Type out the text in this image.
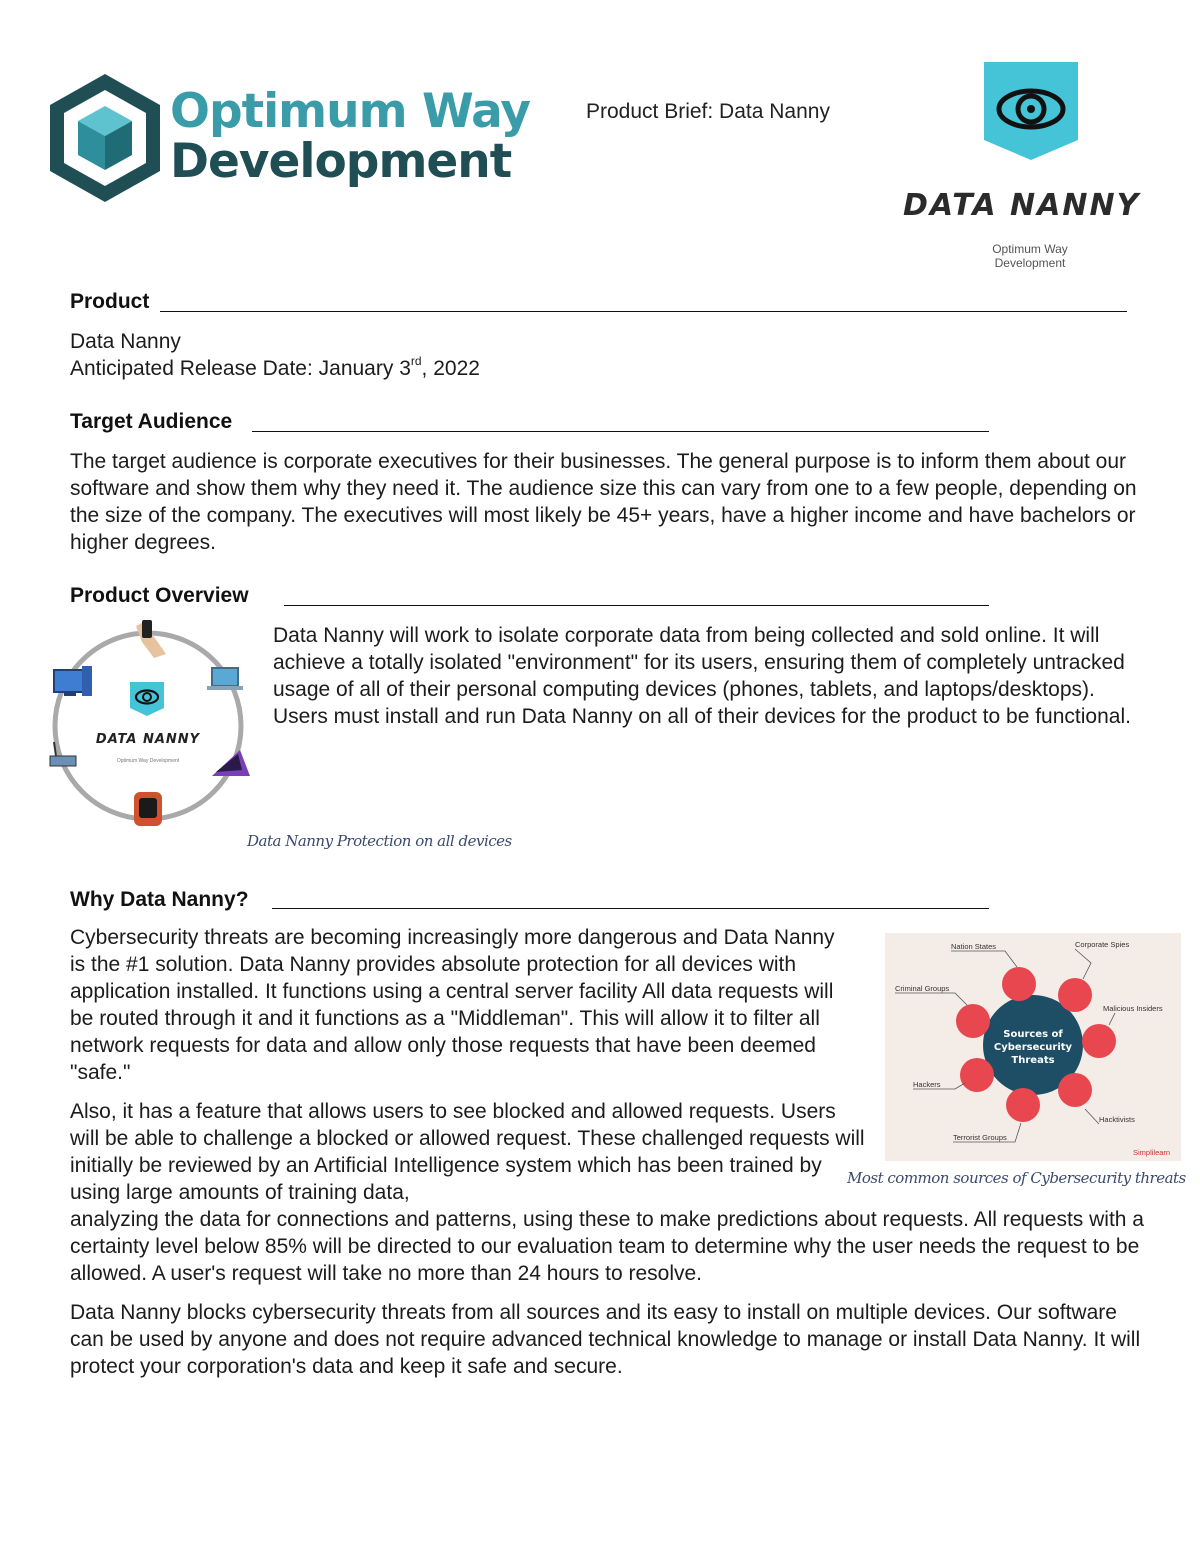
Optimum Way
Development
Product Brief: Data Nanny
DATA NANNY
Optimum Way
Development
Product
Data Nanny
Anticipated Release Date: January 3rd, 2022
Target Audience

The target audience is corporate executives for their businesses. The general purpose is to inform them about our software and show them why they need it. The audience size this can vary from one to a few people, depending on the size of the company. The executives will most likely be 45+ years, have a higher income and have bachelors or higher degrees.

Product Overview
DATA NANNY
Optimum Way Development

Data Nanny will work to isolate corporate data from being collected and sold online. It will achieve a totally isolated "environment" for its users, ensuring them of completely untracked usage of all of their personal computing devices (phones, tablets, and laptops/desktops). Users must install and run Data Nanny on all of their devices for the product to be functional.

Data Nanny Protection on all devices
Why Data Nanny?

Cybersecurity threats are becoming increasingly more dangerous and Data Nanny is the #1 solution. Data Nanny provides absolute protection for all devices with application installed. It functions using a central server facility All data requests will be routed through it and it functions as a "Middleman". This will allow it to filter all network requests for data and allow only those requests that have been deemed "safe."

Also, it has a feature that allows users to see blocked and allowed requests. Users will be able to challenge a blocked or allowed request. These challenged requests will initially be reviewed by an Artificial Intelligence system which has been trained by using large amounts of training data,

analyzing the data for connections and patterns, using these to make predictions about requests. All requests with a certainty level below 85% will be directed to our evaluation team to determine why the user needs the request to be allowed. A user's request will take no more than 24 hours to resolve.

Data Nanny blocks cybersecurity threats from all sources and its easy to install on multiple devices. Our software can be used by anyone and does not require advanced technical knowledge to manage or install Data Nanny. It will protect your corporation's data and keep it safe and secure.

Sources of
Cybersecurity
Threats
Nation States	Corporate Spies
Criminal Groups
Malicious Insiders
Hackers
Hacktivists
Terrorist Groups
Simplilearn
Most common sources of Cybersecurity threats
